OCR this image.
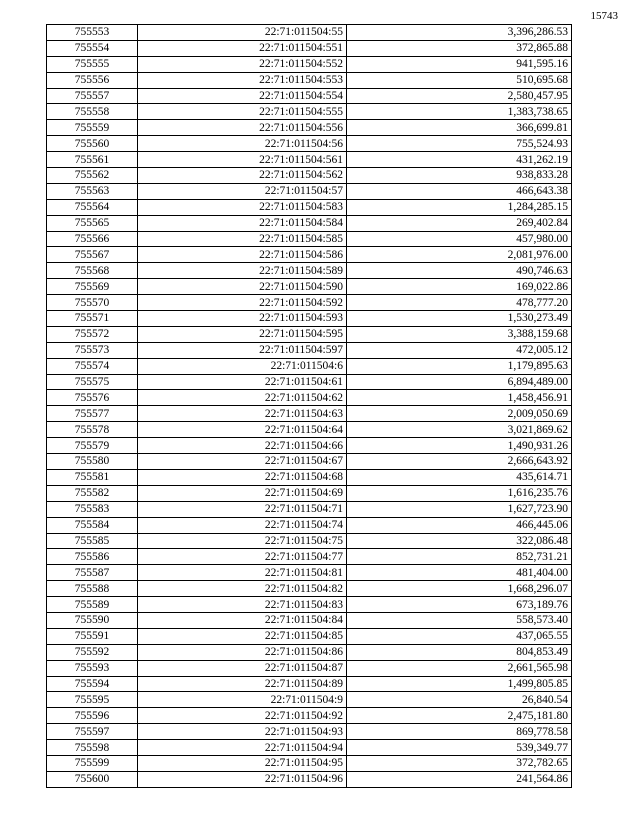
15743
755553	22:71:011504:55	3,396,286.53
755554	22:71:011504:551	372,865.88
755555	22:71:011504:552	941,595.16
755556	22:71:011504:553	510,695.68
755557	22:71:011504:554	2,580,457.95
755558	22:71:011504:555	1,383,738.65
755559	22:71:011504:556	366,699.81
755560	22:71:011504:56	755,524.93
755561	22:71:011504:561	431,262.19
755562	22:71:011504:562	938,833.28
755563	22:71:011504:57	466,643.38
755564	22:71:011504:583	1,284,285.15
755565	22:71:011504:584	269,402.84
755566	22:71:011504:585	457,980.00
755567	22:71:011504:586	2,081,976.00
755568	22:71:011504:589	490,746.63
755569	22:71:011504:590	169,022.86
755570	22:71:011504:592	478,777.20
755571	22:71:011504:593	1,530,273.49
755572	22:71:011504:595	3,388,159.68
755573	22:71:011504:597	472,005.12
755574	22:71:011504:6	1,179,895.63
755575	22:71:011504:61	6,894,489.00
755576	22:71:011504:62	1,458,456.91
755577	22:71:011504:63	2,009,050.69
755578	22:71:011504:64	3,021,869.62
755579	22:71:011504:66	1,490,931.26
755580	22:71:011504:67	2,666,643.92
755581	22:71:011504:68	435,614.71
755582	22:71:011504:69	1,616,235.76
755583	22:71:011504:71	1,627,723.90
755584	22:71:011504:74	466,445.06
755585	22:71:011504:75	322,086.48
755586	22:71:011504:77	852,731.21
755587	22:71:011504:81	481,404.00
755588	22:71:011504:82	1,668,296.07
755589	22:71:011504:83	673,189.76
755590	22:71:011504:84	558,573.40
755591	22:71:011504:85	437,065.55
755592	22:71:011504:86	804,853.49
755593	22:71:011504:87	2,661,565.98
755594	22:71:011504:89	1,499,805.85
755595	22:71:011504:9	26,840.54
755596	22:71:011504:92	2,475,181.80
755597	22:71:011504:93	869,778.58
755598	22:71:011504:94	539,349.77
755599	22:71:011504:95	372,782.65
755600	22:71:011504:96	241,564.86
